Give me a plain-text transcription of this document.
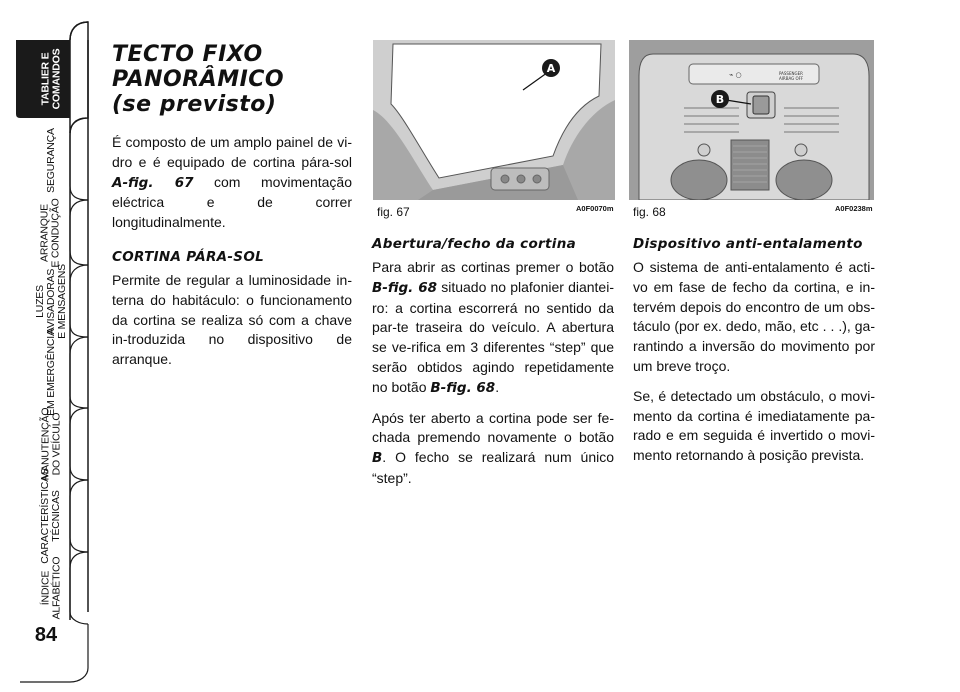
TABLIER E
COMANDOS
SEGURANÇA
ARRANQUE
E CONDUÇÃO
LUZES
AVISADORAS
E MENSAGENS
EM EMERGÊNCIA
MANUTENÇÃO
DO VEÍCULO
CARACTERÍSTICAS
TÉCNICAS
ÍNDICE
ALFABÉTICO
84
TECTO FIXO
PANORÂMICO
(se previsto)

É composto de um amplo painel de vi-dro e é equipado de cortina pára-sol A-fig. 67 com movimentação eléctrica e de correr longitudinalmente.

CORTINA PÁRA-SOL

Permite de regular a luminosidade in-terna do habitáculo: o funcionamento da cortina se realiza só com a chave in-troduzida no dispositivo de arranque.

A
fig. 67	A0F0070m
⌁ ○	PASSENGER
AIRBAG OFF
B
fig. 68	A0F0238m
Abertura/fecho da cortina

Para abrir as cortinas premer o botão B-fig. 68 situado no plafonier diantei-ro: a cortina escorrerá no sentido da par-te traseira do veículo. A abertura se ve-rifica em 3 diferentes “step” que serão obtidos agindo repetidamente no botão B-fig. 68.

Após ter aberto a cortina pode ser fe-chada premendo novamente o botão B. O fecho se realizará num único “step”.

Dispositivo anti-entalamento

O sistema de anti-entalamento é acti-vo em fase de fecho da cortina, e in-tervém depois do encontro de um obs-táculo (por ex. dedo, mão, etc . . .), ga-rantindo a inversão do movimento por um breve troço.

Se, é detectado um obstáculo, o movi-mento da cortina é imediatamente pa-rado e em seguida é invertido o movi-mento retornando à posição prevista.
